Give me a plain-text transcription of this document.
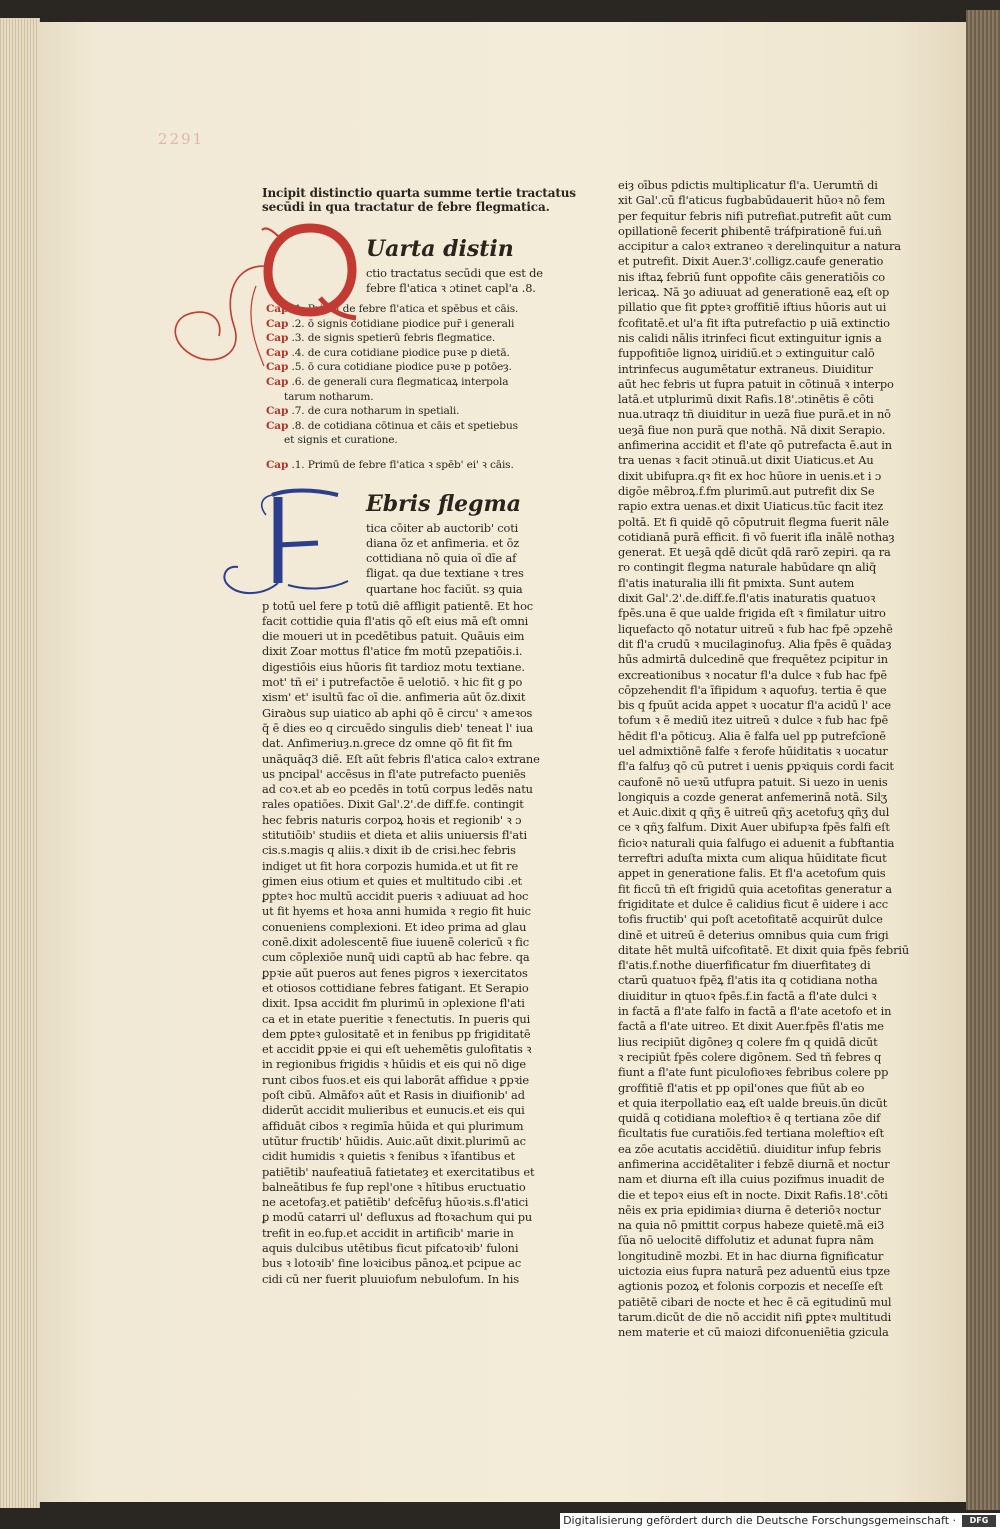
2291
Incipit distinctio quarta summe tertie tractatus
secūdi in qua tractatur de febre flegmatica.
Uarta distin
ctio tractatus secūdi que est de
febre fl'atica ꝛ ɔtinet capl'a .8.
Cap .1. Primū de febre fl'atica et spēbus et cāis.
Cap .2. ō signis cotidiane piodice pur̄ i generali
Cap .3. de signis spetierū febris flegmatice.
Cap .4. de cura cotidiane piodice puꝛe p dietā.
Cap .5. ō cura cotidiane piodice puꝛe p potōeȝ.
Cap .6. de generali cura flegmaticaꝝ interpola
tarum notharum.
Cap .7. de cura notharum in spetiali.
Cap .8. de cotidiana cōtinua et cāis et spetiebus
et signis et curatione.
Cap .1. Primū de febre fl'atica ꝛ spēb' ei' ꝛ cāis.
Ebris flegma
tica cōiter ab auctorib' coti
diana ōz et anfimeria. et ōz
cottidiana nō quia oī dīe af
fligat. qa due textiane ꝛ tres
quartane hoc faciūt. sȝ quia
p totū uel fere p totū diē affligit patientē. Et hoc
facit cottidie quia fl'atis qō eſt eius mā eſt omni
die moueri ut in pcedētibus patuit. Quāuis eim
dixit Zoar mottus fl'atice fm motū pzepatiōis.i.
digestiōis eius hūoris fit tardioz motu textiane.
mot' tñ ei' i putrefactōe ē uelotiō. ꝛ hic fit g po
xism' et' isultū fac oī die. anfimeria aūt ōz.dixit
Giraꝺus sup uiatico ab aphi qō ē circu' ꝛ ameꝛos
q̄ ē dies eo q circuēdo singulis dieb' teneat l' iua
dat. Anfimeriuȝ.n.grece dz omne qō fit fit fm
unāquāq3 diē. Eſt aūt febris fl'atica caloꝛ extrane
us pncipal' accēsus in fl'ate putrefacto pueniēs
ad coꝛ.et ab eo pcedēs in totū corpus ledēs natu
rales opatiōes. Dixit Gal'.2'.de diff.fe. contingit
hec febris naturis corpoꝝ hoꝛis et regionib' ꝛ ɔ
stitutiōib' studiis et dieta et aliis uniuersis fl'ati
cis.s.magis q aliis.ꝛ dixit ib de crisi.hec febris
indiget ut fit hora corpozis humida.et ut fit re
gimen eius otium et quies et multitudo cibi .et
ꝑpteꝛ hoc multū accidit pueris ꝛ adiuuat ad hoc
ut fit hyems et hoꝛa anni humida ꝛ regio fit huic
conueniens complexioni. Et ideo prima ad glau
conē.dixit adolescentē fiue iuuenē colericū ꝛ fic
cum cōplexiōe nunq̄ uidi captū ab hac febre. qa
ꝑpꝛie aūt pueros aut fenes pigros ꝛ iexercitatos
et otiosos cottidiane febres fatigant. Et Serapio
dixit. Ipsa accidit fm plurimū in ɔplexione fl'ati
ca et in etate pueritie ꝛ fenectutis. In pueris qui
dem ꝑpteꝛ gulositatē et in fenibus pp frigiditatē
et accidit ꝑpꝛie ei qui eſt uehemētis gulofitatis ꝛ
in regionibus frigidis ꝛ hūidis et eis qui nō dige
runt cibos fuos.et eis qui laborāt affidue ꝛ ꝑpꝛie
poſt cibū. Almāfoꝛ aūt et Rasis in diuifionib' ad
diderūt accidit mulieribus et eunucis.et eis qui
affiduāt cibos ꝛ regimīa hūida et qui plurimum
utūtur fructib' hūidis. Auic.aūt dixit.plurimū ac
cidit humidis ꝛ quietis ꝛ fenibus ꝛ īfantibus et
patiētib' naufeatiuā fatietateȝ et exercitatibus et
balneātibus fe fup repl'one ꝛ hītibus eructuatio
ne acetofaȝ.et patiētib' defcēfuȝ hūoꝛis.s.fl'atici
ꝑ modū catarri ul' defluxus ad ftoꝛachum qui pu
trefit in eo.fup.et accidit in artificib' marie in
aquis dulcibus utētibus ficut pifcatoꝛib' fuloni
bus ꝛ lotoꝛib' fine loꝛicibus pānoꝝ.et pcipue ac
cidi cū ner fuerit pluuiofum nebulofum. In his
eiȝ oībus pdictis multiplicatur fl'a. Uerumtñ di
xit Gal'.cū fl'aticus fugbabūdauerit hūoꝛ nō fem
per fequitur febris nifi putrefiat.putrefit aūt cum
opillationē fecerit ꝑhibentē tráfpirationē fui.uñ
accipitur a caloꝛ extraneo ꝛ derelinquitur a natura
et putrefit. Dixit Auer.3'.colligz.caufe generatio
nis iftaꝝ febriū funt oppofite cāis generatiōis co
lericaꝝ. Nā ꝫo adiuuat ad generationē eaꝝ eſt op
pillatio que fit ꝑpteꝛ groffitiē iftius hūoris aut ui
fcofitatē.et ul'a fit ifta putrefactio p uiā extinctio
nis calidi nālis itrinfeci ficut extinguitur ignis a
fuppofitiōe lignoꝝ uiridiū.et ɔ extinguitur calō
intrinfecus augumētatur extraneus. Diuiditur
aūt hec febris ut fupra patuit in cōtinuā ꝛ interpo
latā.et utplurimū dixit Rafis.18'.ɔtinētis ē cōti
nua.utraqz tñ diuiditur in uezā fiue purā.et in nō
ueȝā fiue non purā que nothā. Nā dixit Serapio.
anfimerina accidit et fl'ate qō putrefacta ē.aut in
tra uenas ꝛ facit ɔtinuā.ut dixit Uiaticus.et Au
dixit ubifupra.qꝛ fit ex hoc hūore in uenis.et i ɔ
digōe mēbroꝝ.f.fm plurimū.aut putrefit dix Se
rapio extra uenas.et dixit Uiaticus.tūc facit itez
poltā. Et fi quidē qō cōputruit flegma fuerit nāle
cotidianā purā efficit. fi vō fuerit ifla inālē nothaȝ
generat. Et ueȝā qdē dicūt qdā rarō zepiri. qa ra
ro contingit flegma naturale habūdare qn aliq̄
fl'atis inaturalia illi fit pmixta. Sunt autem
dixit Gal'.2'.de.diff.fe.fl'atis inaturatis quatuoꝛ
fpēs.una ē que ualde frigida eſt ꝛ fimilatur uitro
liquefacto qō notatur uitreū ꝛ fub hac fpē ɔpzehē
dit fl'a crudū ꝛ mucilaginofuȝ. Alia fpēs ē quādaȝ
hūs admirtā dulcedinē que frequētez pcipitur in
excreationibus ꝛ nocatur fl'a dulce ꝛ fub hac fpē
cōpzehendit fl'a īfipidum ꝛ aquofuȝ. tertia ē que
bis q fpuūt acida appet ꝛ uocatur fl'a acidū l' ace
tofum ꝛ ē mediū itez uitreū ꝛ dulce ꝛ fub hac fpē
hēdit fl'a pōticuȝ. Alia ē falfa uel pp putrefcīonē
uel admixtiōnē falfe ꝛ ferofe hūiditatis ꝛ uocatur
fl'a falfuȝ qō cū putret i uenis ꝑpꝛiquis cordi facit
caufonē nō ueꝛū utfupra patuit. Si uezo in uenis
longiquis a cozde generat anfemerinā notā. Silʒ
et Auic.dixit q qñʒ ē uitreū qñʒ acetofuʒ qñʒ dul
ce ꝛ qñʒ falfum. Dixit Auer ubifupꝛa fpēs falfi eſt
ficioꝛ naturali quia falfugo ei aduenit a fubftantia
terreftri aduſta mixta cum aliqua hūiditate ficut
appet in generatione falis. Et fl'a acetofum quis
fit ficcū tñ eſt frigidū quia acetofitas generatur a
frigiditate et dulce ē calidius ficut ē uidere i acc
tofis fructib' qui poſt acetofitatē acquirūt dulce
dinē et uitreū ē deterius omnibus quia cum frigi
ditate hēt multā uifcofitatē. Et dixit quia fpēs febriū
fl'atis.f.nothe diuerfificatur fm diuerfitateȝ di
ctarū quatuoꝛ fpēꝝ fl'atis ita q cotidiana notha
diuiditur in qtuoꝛ fpēs.f.in factā a fl'ate dulci ꝛ
in factā a fl'ate falfo in factā a fl'ate acetofo et in
factā a fl'ate uitreo. Et dixit Auer.fpēs fl'atis me
lius recipiūt digōneȝ q colere fm q quidā dicūt
ꝛ recipiūt fpēs colere digōnem. Sed tñ febres q
fiunt a fl'ate funt piculofioꝛes febribus colere pp
groffitiē fl'atis et pp opil'ones que fiūt ab eo
et quia iterpollatio eaꝝ eſt ualde breuis.ūn dicūt
quidā q cotidiana moleftioꝛ ē q tertiana zōe dif
ficultatis fue curatiōis.fed tertiana moleftioꝛ eſt
ea zōe acutatis accidētiū. diuiditur infup febris
anfimerina accidētaliter i febzē diurnā et noctur
nam et diurna eſt illa cuius pozifmus inuadit de
die et tepoꝛ eius eſt in nocte. Dixit Rafis.18'.cōti
nēis ex pria epidimiaꝛ diurna ē deteriōꝛ noctur
na quia nō pmittit corpus habeze quietē.mā ei3
ſūa nō uelocitē diffolutiz et adunat fupra nām
longitudinē mozbi. Et in hac diurna fignificatur
uictozia eius fupra naturā pez aduentū eius tpze
agtionis pozoꝝ et folonis corpozis et neceſſe eſt
patiētē cibari de nocte et hec ē cā egitudinū mul
tarum.dicūt de die nō accidit nifi ꝑpteꝛ multitudi
nem materie et cū maiozi difconueniētia gzicula
Digitalisierung gefördert durch die Deutsche Forschungsgemeinschaft ·	DFG
